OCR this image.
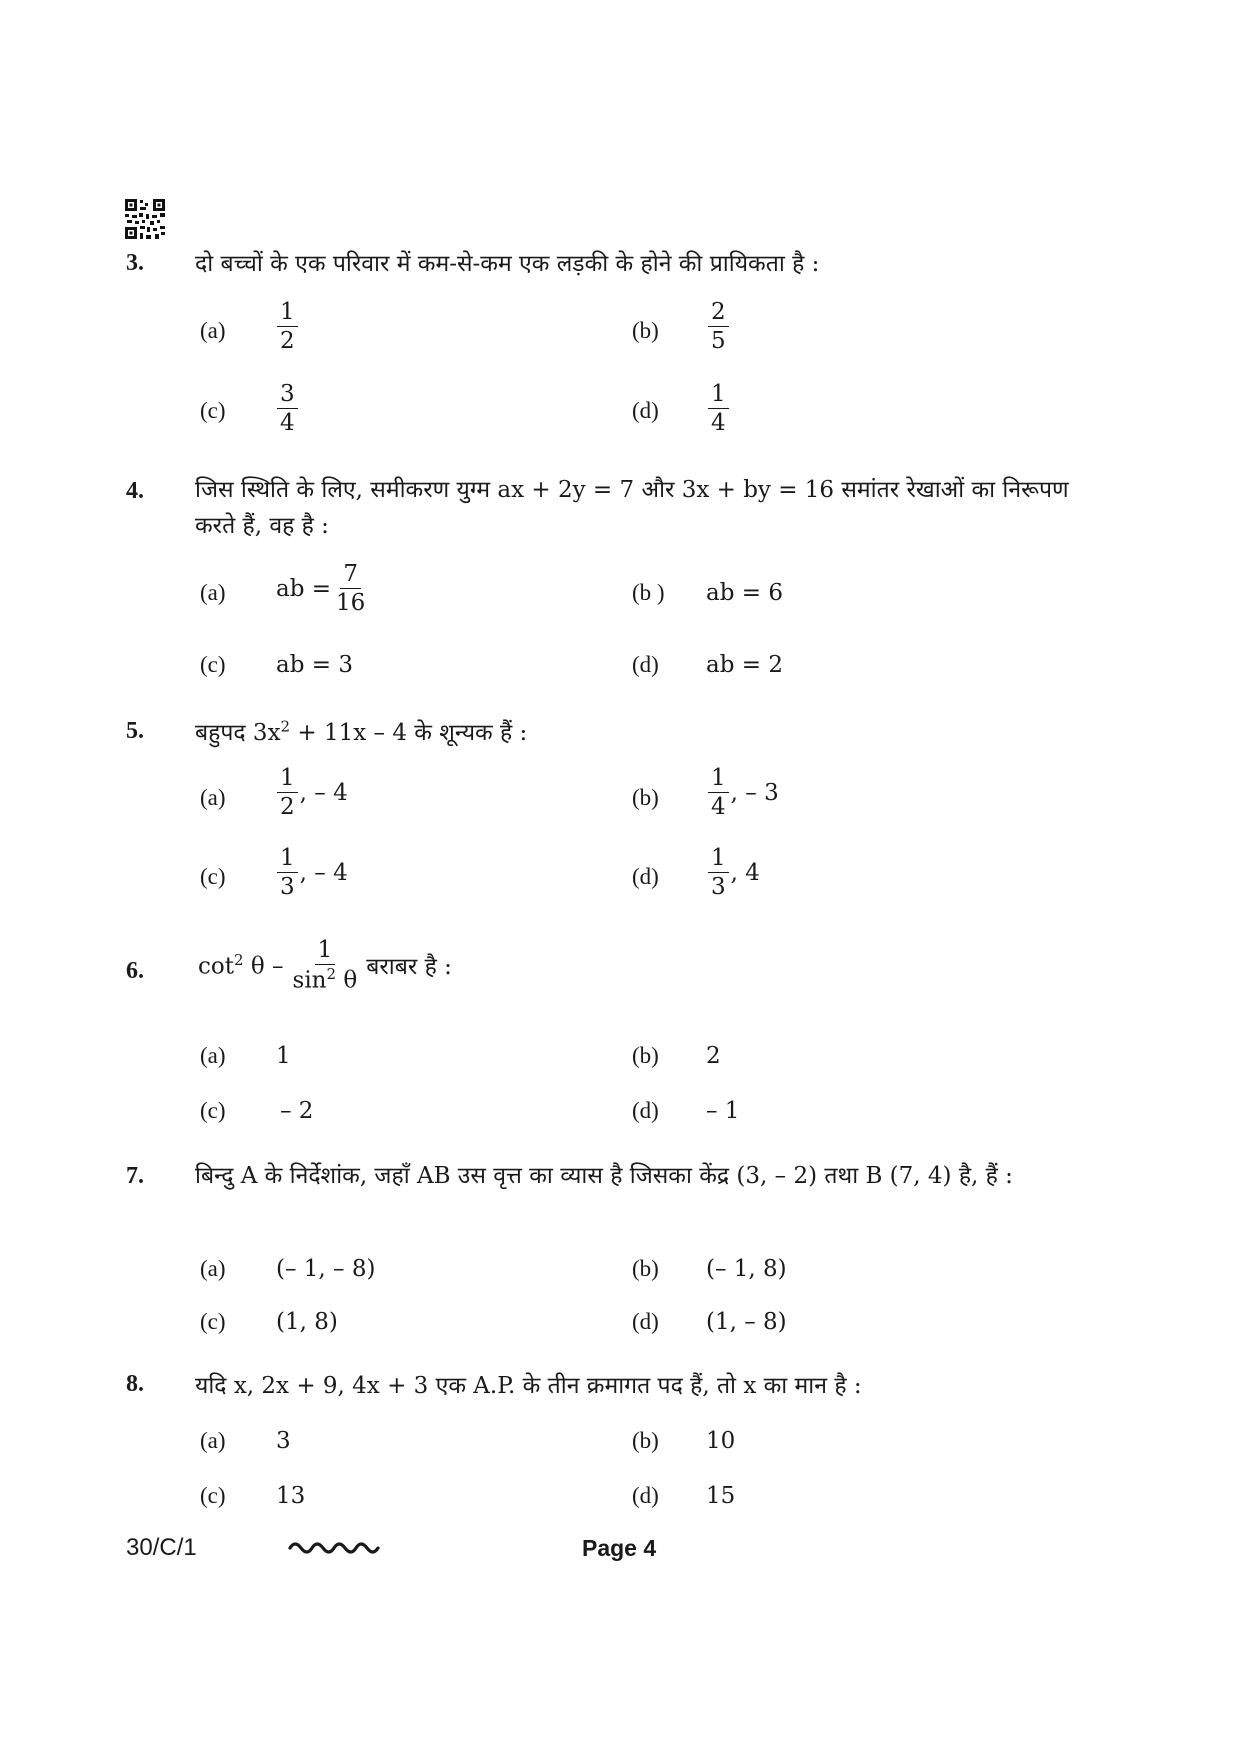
3. दो बच्चों के एक परिवार में कम-से-कम एक लड़की के होने की प्रायिकता है :
$(a) \frac{1}{2}$	$(b) \frac{2}{5}$
$(c) \frac{3}{4}$	$(d) \frac{1}{4}$
4. जिस स्थिति के लिए, समीकरण युग्म ax + 2y = 7 और 3x + by = 16 समांतर रेखाओं का निरूपण करते हैं, वह है :
(a) ab = $\frac{7}{16}$	(b ) ab = 6
(c) ab = 3	(d) ab = 2
5. बहुपद $3x^2 + 11x - 4$ के शून्यक हैं :
$(a) \frac{1}{2}$ , – 4	$(b) \frac{1}{4}$ , – 3
$(c) \frac{1}{3}$ , – 4	$(d) \frac{1}{3}$ , 4
6. $\cot^2 \theta - \frac{1}{\sin^2 \theta}$ बराबर है :
(a) 1	(b) 2
(c) – 2	(d) – 1
7. बिन्दु A के निर्देशांक, जहाँ AB उस वृत्त का व्यास है जिसका केंद्र (3, – 2) तथा B (7, 4) है, हैं :
(a) (– 1, – 8)	(b) (– 1, 8)
(c) (1, 8)	(d) (1, – 8)
8. यदि x, 2x + 9, 4x + 3 एक A.P. के तीन क्रमागत पद हैं, तो x का मान है :
(a) 3	(b) 10
(c) 13	(d) 15
30/C/1	Page 4
